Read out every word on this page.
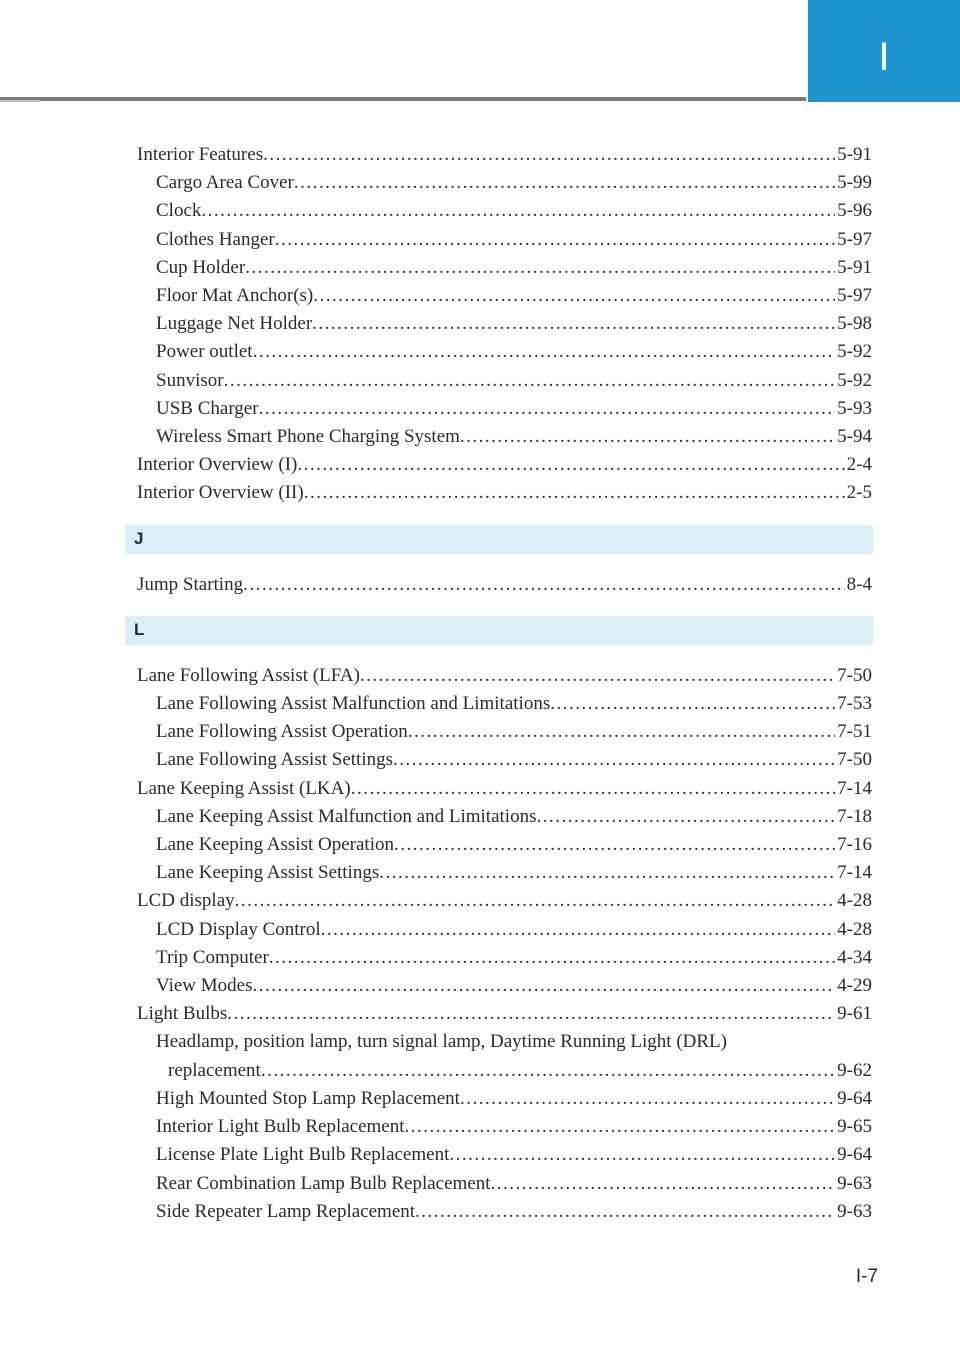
I
Interior Features .....	5-91
Cargo Area Cover .....	5-99
Clock .....	5-96
Clothes Hanger .....	5-97
Cup Holder .....	5-91
Floor Mat Anchor(s) .....	5-97
Luggage Net Holder .....	5-98
Power outlet .....	5-92
Sunvisor .....	5-92
USB Charger .....	5-93
Wireless Smart Phone Charging System .....	5-94
Interior Overview (I) .....	2-4
Interior Overview (II) .....	2-5
J
Jump Starting .....	8-4
L
Lane Following Assist (LFA) .....	7-50
Lane Following Assist Malfunction and Limitations .....	7-53
Lane Following Assist Operation .....	7-51
Lane Following Assist Settings .....	7-50
Lane Keeping Assist (LKA) .....	7-14
Lane Keeping Assist Malfunction and Limitations .....	7-18
Lane Keeping Assist Operation .....	7-16
Lane Keeping Assist Settings .....	7-14
LCD display .....	4-28
LCD Display Control .....	4-28
Trip Computer .....	4-34
View Modes .....	4-29
Light Bulbs .....	9-61
Headlamp, position lamp, turn signal lamp, Daytime Running Light (DRL)
replacement .....	9-62
High Mounted Stop Lamp Replacement .....	9-64
Interior Light Bulb Replacement .....	9-65
License Plate Light Bulb Replacement .....	9-64
Rear Combination Lamp Bulb Replacement .....	9-63
Side Repeater Lamp Replacement .....	9-63
I-7
